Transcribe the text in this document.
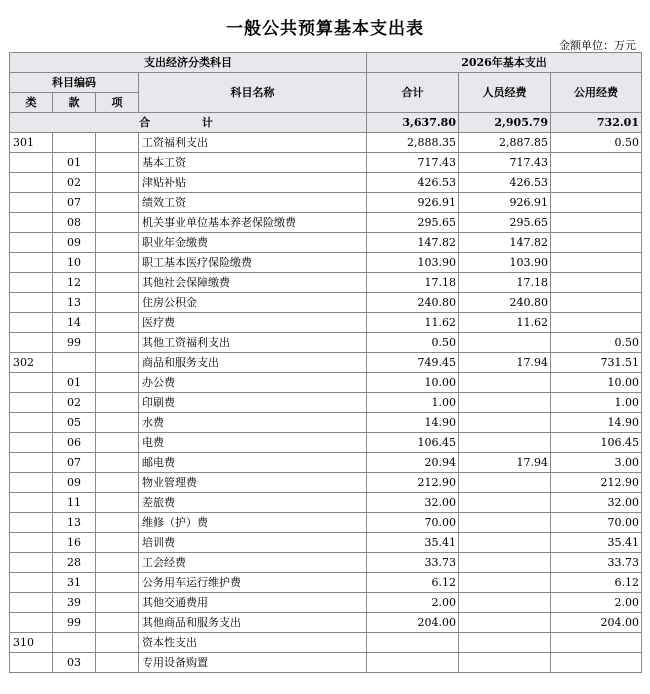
一般公共预算基本支出表
金额单位：万元
支出经济分类科目				2026年基本支出		
科目编码			科目名称	合计	人员经费	公用经费
类	款	项				
合 计				3,637.80	2,905.79	732.01
301			工资福利支出	2,888.35	2,887.85	0.50
	01		基本工资	717.43	717.43	
	02		津贴补贴	426.53	426.53	
	07		绩效工资	926.91	926.91	
	08		机关事业单位基本养老保险缴费	295.65	295.65	
	09		职业年金缴费	147.82	147.82	
	10		职工基本医疗保险缴费	103.90	103.90	
	12		其他社会保障缴费	17.18	17.18	
	13		住房公积金	240.80	240.80	
	14		医疗费	11.62	11.62	
	99		其他工资福利支出	0.50		0.50
302			商品和服务支出	749.45	17.94	731.51
	01		办公费	10.00		10.00
	02		印刷费	1.00		1.00
	05		水费	14.90		14.90
	06		电费	106.45		106.45
	07		邮电费	20.94	17.94	3.00
	09		物业管理费	212.90		212.90
	11		差旅费	32.00		32.00
	13		维修（护）费	70.00		70.00
	16		培训费	35.41		35.41
	28		工会经费	33.73		33.73
	31		公务用车运行维护费	6.12		6.12
	39		其他交通费用	2.00		2.00
	99		其他商品和服务支出	204.00		204.00
310			资本性支出			
	03		专用设备购置			
